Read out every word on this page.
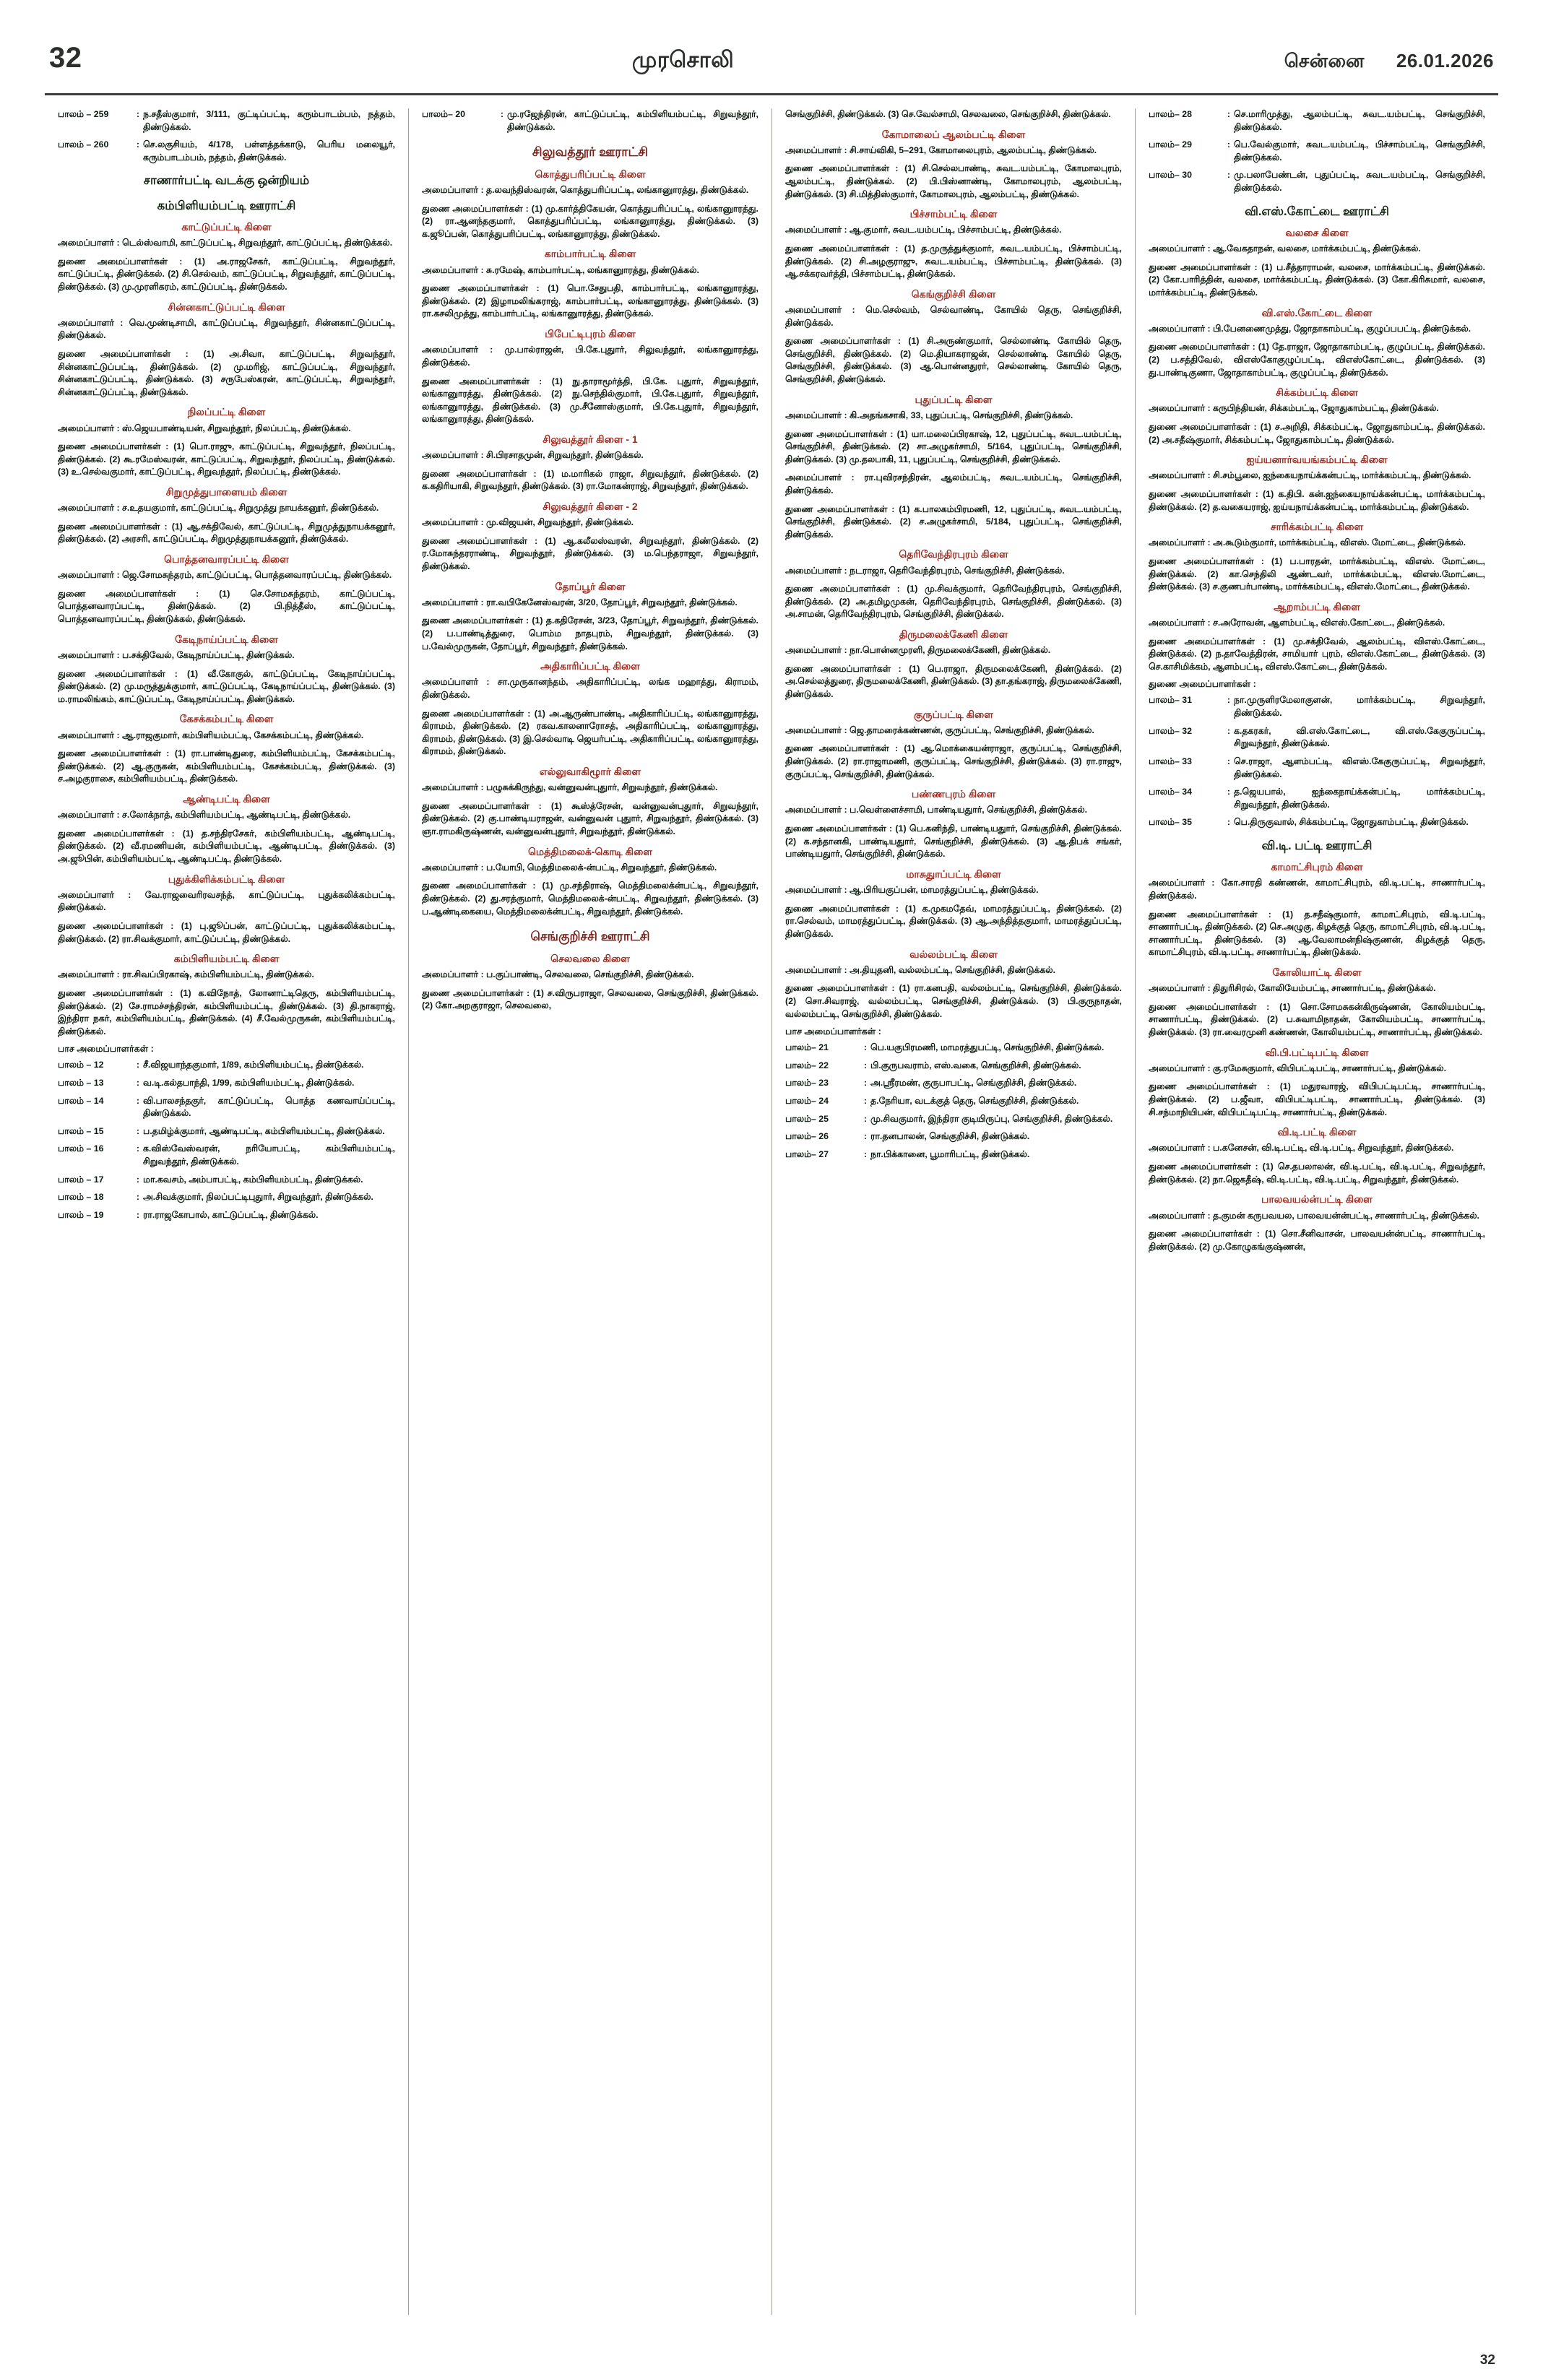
32	முரசொலி	சென்னை 26.01.2026
பாலம் – 259	: ந.சதீஸ்குமார், 3/111, குட்டிப்பட்டி, கரும்பாடம்பம், நத்தம், திண்டுக்கல்.
பாலம் – 260	: செ.லகுசியம், 4/178, பள்ளத்தக்காடு, பெரிய மலையூர், கரும்பாடம்பம், நத்தம், திண்டுக்கல்.
சாணார்பட்டி வடக்கு ஒன்றியம்
கம்பிளியம்பட்டி ஊராட்சி
காட்டுப்பட்டி கிளை

அமைப்பாளர் : டெல்ஸ்வாமி, காட்டுப்பட்டி, சிறுவந்தூர், காட்டுப்பட்டி, திண்டுக்கல்.

துணை அமைப்பாளர்கள் : (1) அ.ராஜசேகர், காட்டுப்பட்டி, சிறுவந்தூர், காட்டுப்பட்டி, திண்டுக்கல். (2) சி.செல்வம், காட்டுப்பட்டி, சிறுவந்தூர், காட்டுப்பட்டி, திண்டுக்கல். (3) மு.முரளிகரம், காட்டுப்பட்டி, திண்டுக்கல்.

சின்னகாட்டுப்பட்டி கிளை

அமைப்பாளர் : வெ.முண்டிசாமி, காட்டுப்பட்டி, சிறுவந்தூர், சின்னகாட்டுப்பட்டி, திண்டுக்கல்.

துணை அமைப்பாளர்கள் : (1) அ.சிவா, காட்டுப்பட்டி, சிறுவந்தூர், சின்னகாட்டுப்பட்டி, திண்டுக்கல். (2) மு.மரிஜ், காட்டுப்பட்டி, சிறுவந்தூர், சின்னகாட்டுப்பட்டி, திண்டுக்கல். (3) சருபேஸ்கரன், காட்டுப்பட்டி, சிறுவந்தூர், சின்னகாட்டுப்பட்டி, திண்டுக்கல்.

நிலப்பட்டி கிளை

அமைப்பாளர் : ஸ்.ஜெயபாண்டியன், சிறுவந்தூர், நிலப்பட்டி, திண்டுக்கல்.

துணை அமைப்பாளர்கள் : (1) பொ.ராஜு, காட்டுப்பட்டி, சிறுவந்தூர், நிலப்பட்டி, திண்டுக்கல். (2) கூ.ரமேஸ்வரன், காட்டுப்பட்டி, சிறுவந்தூர், நிலப்பட்டி, திண்டுக்கல். (3) உ.செல்வகுமார், காட்டுப்பட்டி, சிறுவந்தூர், நிலப்பட்டி, திண்டுக்கல்.

சிறுமுத்துபாளையம் கிளை

அமைப்பாளர் : ச.உதயகுமார், காட்டுப்பட்டி, சிறுமுத்து நாயக்கனூர், திண்டுக்கல்.

துணை அமைப்பாளர்கள் : (1) ஆ.சக்திவேல், காட்டுப்பட்டி, சிறுமுத்துநாயக்கனூர், திண்டுக்கல். (2) அரசரி, காட்டுப்பட்டி, சிறுமுத்துநாயக்கனூர், திண்டுக்கல்.

பொத்தனவாரப்பட்டி கிளை

அமைப்பாளர் : ஜெ.சோமசுந்தரம், காட்டுப்பட்டி, பொத்தனவாரப்பட்டி, திண்டுக்கல்.

துணை அமைப்பாளர்கள் : (1) செ.சோமசுந்தரம், காட்டுப்பட்டி, பொத்தனவாரப்பட்டி, திண்டுக்கல். (2) பி.நித்தீஸ், காட்டுப்பட்டி, பொத்தனவாரப்பட்டி, திண்டுக்கல், திண்டுக்கல்.

கேடிநாய்ப்பட்டி கிளை

அமைப்பாளர் : ப.சக்திவேல், கேடிநாய்ப்பட்டி, திண்டுக்கல்.

துணை அமைப்பாளர்கள் : (1) வீ.கோகுல், காட்டுப்பட்டி, கேடிநாய்ப்பட்டி, திண்டுக்கல். (2) மு.மருத்துக்குமார், காட்டுப்பட்டி, கேடிநாய்ப்பட்டி, திண்டுக்கல். (3) ம.ராமலிங்கம், காட்டுப்பட்டி, கேடிநாய்ப்பட்டி, திண்டுக்கல்.

கேசக்கம்பட்டி கிளை

அமைப்பாளர் : ஆ.ராஜகுமார், கம்பிளியம்பட்டி, கேசக்கம்பட்டி, திண்டுக்கல்.

துணை அமைப்பாளர்கள் : (1) ரா.பாண்டிதுரை, கம்பிளியம்பட்டி, கேசக்கம்பட்டி, திண்டுக்கல். (2) ஆ.குருகன், கம்பிளியம்பட்டி, கேசக்கம்பட்டி, திண்டுக்கல். (3) ச.அழகுராசை, கம்பிளியம்பட்டி, திண்டுக்கல்.

ஆண்டிபட்டி கிளை

அமைப்பாளர் : ச.லோக்நாத், கம்பிளியம்பட்டி, ஆண்டிபட்டி, திண்டுக்கல்.

துணை அமைப்பாளர்கள் : (1) த.சந்திரசேகர், கம்பிளியம்பட்டி, ஆண்டிபட்டி, திண்டுக்கல். (2) வீ.ரமணியன், கம்பிளியம்பட்டி, ஆண்டிபட்டி, திண்டுக்கல். (3) அ.ஜூபின், கம்பிளியம்பட்டி, ஆண்டிபட்டி, திண்டுக்கல்.

புதுக்கிளிக்கம்பட்டி கிளை

அமைப்பாளர் : வே.ராஜவைரிரவசந்த், காட்டுப்பட்டி, புதுக்கலிக்கம்பட்டி, திண்டுக்கல்.

துணை அமைப்பாளர்கள் : (1) பு.ஜூப்பன், காட்டுப்பட்டி, புதுக்கலிக்கம்பட்டி, திண்டுக்கல். (2) ரா.சிவக்குமார், காட்டுப்பட்டி, திண்டுக்கல்.

கம்பிளியம்பட்டி கிளை

அமைப்பாளர் : ரா.சிவப்பிரகாஷ், கம்பிளியம்பட்டி, திண்டுக்கல்.

துணை அமைப்பாளர்கள் : (1) க.விநோத், லோனாட்டிதெரு, கம்பிளியம்பட்டி, திண்டுக்கல். (2) சே.ராமச்சந்திரன், கம்பிளியம்பட்டி, திண்டுக்கல். (3) தி.நாகராஜ், இந்திரா நகர், கம்பிளியம்பட்டி, திண்டுக்கல். (4) சீ.வேல்முருகன், கம்பிளியம்பட்டி, திண்டுக்கல்.

பாச அமைப்பாளர்கள் :
பாலம் – 12	: சீ.விஜயாந்தகுமார், 1/89, கம்பிளியம்பட்டி, திண்டுக்கல்.
பாலம் – 13	: வ.டி.கல்தபாந்தி, 1/99, கம்பிளியம்பட்டி, திண்டுக்கல்.
பாலம் – 14	: வி.பாலசந்தகுர், காட்டுப்பட்டி, பொத்த கணவாய்ப்பட்டி, திண்டுக்கல்.
பாலம் – 15	: ப.தமிழ்க்குமார், ஆண்டிபட்டி, கம்பிளியம்பட்டி, திண்டுக்கல்.
பாலம் – 16	: க.விஸ்வேஸ்வரன், நரியோபட்டி, கம்பிளியம்பட்டி, சிறுவந்தூர், திண்டுக்கல்.
பாலம் – 17	: மா.கவசம், அம்பாபட்டி, கம்பிளியம்பட்டி, திண்டுக்கல்.
பாலம் – 18	: அ.சிவக்குமார், நிலப்பட்டிபுதுார், சிறுவந்தூர், திண்டுக்கல்.
பாலம் – 19	: ரா.ராஜகோபால், காட்டுப்பட்டி, திண்டுக்கல்.
பாலம்– 20	: மு.ரஜேந்திரன், காட்டுப்பட்டி, கம்பிளியம்பட்டி, சிறுவந்தூர், திண்டுக்கல்.
சிலுவத்தூர் ஊராட்சி
கொத்துபரிப்பட்டி கிளை

அமைப்பாளர் : த.லவந்திஸ்வரன், கொத்துபரிப்பட்டி, லங்கானுாரத்து, திண்டுக்கல்.

துணை அமைப்பாளர்கள் : (1) மு.கார்த்திகேயன், கொத்துபரிப்பட்டி, லங்கானுாரத்து. (2) ரா.ஆனந்தகுமார், கொத்துபரிப்பட்டி, லங்கானுாரத்து, திண்டுக்கல். (3) க.ஜூப்பன், கொத்துபரிப்பட்டி, லங்கானுாரத்து, திண்டுக்கல்.

காம்பார்பட்டி கிளை

அமைப்பாளர் : சு.ரமேஷ், காம்பார்பட்டி, லங்கானுாரத்து, திண்டுக்கல்.

துணை அமைப்பாளர்கள் : (1) பொ.சேதுபதி, காம்பார்பட்டி, லங்கானுாரத்து, திண்டுக்கல். (2) இழாமலிங்கராஜ், காம்பார்பட்டி, லங்கானுாரத்து, திண்டுக்கல். (3) ரா.கசலிமுத்து, காம்பார்பட்டி, லங்கானுாரத்து, திண்டுக்கல்.

பிபேட்டிபுரம் கிளை

அமைப்பாளர் : மு.பால்ராஜன், பி.கே.புதுார், சிலுவந்தூர், லங்கானுாரத்து, திண்டுக்கல்.

துணை அமைப்பாளர்கள் : (1) நு.தாராமூர்த்தி, பி.கே. புதுார், சிறுவந்தூர், லங்கானுாரத்து, திண்டுக்கல். (2) நு.செந்தில்குமார், பி.கே.புதுார், சிறுவந்தூர், லங்கானுாரத்து, திண்டுக்கல். (3) மு.சீனோஸ்குமார், பி.கே.புதுார், சிறுவந்தூர், லங்கானுாரத்து, திண்டுக்கல்.

சிலுவத்தூர் கிளை - 1

அமைப்பாளர் : சி.பிரசாதமுன், சிறுவந்தூர், திண்டுக்கல்.

துணை அமைப்பாளர்கள் : (1) ம.மாரிகல் ராஜா, சிறுவந்தூர், திண்டுக்கல். (2) க.கதிரியாகி, சிறுவந்தூர், திண்டுக்கல். (3) ரா.மோகன்ராஜ், சிறுவந்தூர், திண்டுக்கல்.

சிலுவத்தூர் கிளை - 2

அமைப்பாளர் : மு.விஜயன், சிறுவந்தூர், திண்டுக்கல்.

துணை அமைப்பாளர்கள் : (1) ஆ.கலீலஸ்வரன், சிறுவந்தூர், திண்டுக்கல். (2) ர.மோசுந்தரராண்டி, சிறுவந்தூர், திண்டுக்கல். (3) ம.பெந்தராஜா, சிறுவந்தூர், திண்டுக்கல்.

தோப்பூர் கிளை

அமைப்பாளர் : ரா.வபிகேனேஸ்வரன், 3/20, தோப்பூர், சிறுவந்தூர், திண்டுக்கல்.

துணை அமைப்பாளர்கள் : (1) த.கதிரேசன், 3/23, தோப்பூர், சிறுவந்தூர், திண்டுக்கல். (2) ப.பாண்டித்துரை, பொம்ம நாதபுரம், சிறுவந்தூர், திண்டுக்கல். (3) ப.வேல்முருகன், தோப்பூர், சிறுவந்தூர், திண்டுக்கல்.

அதிகாரிப்பட்டி கிளை

அமைப்பாளர் : சா.முருகானந்தம், அதிகாரிப்பட்டி, லங்க மஹாத்து, கிராமம், திண்டுக்கல்.

துணை அமைப்பாளர்கள் : (1) அ.ஆருண்பாண்டி, அதிகாரிப்பட்டி, லங்கானுாரத்து, கிராமம், திண்டுக்கல். (2) ரகவ.காலனாரோசத், அதிகாரிப்பட்டி, லங்கானுாரத்து, கிராமம், திண்டுக்கல். (3) இ.செல்வாடி ஜெயர்பட்டி, அதிகாரிப்பட்டி, லங்கானுாரத்து, கிராமம், திண்டுக்கல்.

எல்லுவாகிழூார் கிளை

அமைப்பாளர் : பழுசுக்கிருந்து, வன்னுவன்புதுார், சிறுவந்தூர், திண்டுக்கல்.

துணை அமைப்பாளர்கள் : (1) கூஸ்த்ரேசன், வன்னுவன்புதுார், சிறுவந்தூர், திண்டுக்கல். (2) கு.பாண்டியராஜன், வன்னுவன் புதுார், சிறுவந்தூர், திண்டுக்கல். (3) ஞா.ராமகிருஷ்ணன், வன்னுவன்புதுார், சிறுவந்தூர், திண்டுக்கல்.

மெத்திமலைக்-கொடி கிளை

அமைப்பாளர் : ப.யோபி, மெத்திமலைக்-ன்பட்டி, சிறுவந்தூர், திண்டுக்கல்.

துணை அமைப்பாளர்கள் : (1) மு.சந்திராஷ், மெத்திமலைக்ன்பட்டி, சிறுவந்தூர், திண்டுக்கல். (2) து.சரத்குமார், மெத்திமலைக்-ன்பட்டி, சிறுவந்தூர், திண்டுக்கல். (3) ப.ஆண்டிகையை, மெத்திமலைக்ன்பட்டி, சிறுவந்தூர், திண்டுக்கல்.

செங்குறிச்சி ஊராட்சி
செலவலை கிளை

அமைப்பாளர் : ப.குப்பாண்டி, செலவலை, செங்குறிச்சி, திண்டுக்கல்.

துணை அமைப்பாளர்கள் : (1) ச.விருபராஜா, செலவலை, செங்குறிச்சி, திண்டுக்கல். (2) கோ.அறகுராஜா, செலவலை,

செங்குறிச்சி, திண்டுக்கல். (3) செ.வேல்சாமி, செலவலை, செங்குறிச்சி, திண்டுக்கல்.

கோமாலைப் ஆலம்பட்டி கிளை

அமைப்பாளர் : சி.சாய்விகி, 5–291, கோமாலைபுரம், ஆலம்பட்டி, திண்டுக்கல்.

துணை அமைப்பாளர்கள் : (1) சி.செல்லபாண்டி, சுவட.யம்பட்டி, கோமாலபுரம், ஆலம்பட்டி, திண்டுக்கல். (2) பி.பிஸ்னாண்டி, கோமாலபுரம், ஆலம்பட்டி, திண்டுக்கல். (3) சி.மித்திஸ்குமார், கோமாலபுரம், ஆலம்பட்டி, திண்டுக்கல்.

பிச்சாம்பட்டி கிளை

அமைப்பாளர் : ஆ.குமார், சுவட.யம்பட்டி, பிச்சாம்பட்டி, திண்டுக்கல்.

துணை அமைப்பாளர்கள் : (1) த.முருத்துக்குமார், சுவட.யம்பட்டி, பிச்சாம்பட்டி, திண்டுக்கல். (2) சி.அழகுராஜு, சுவட.யம்பட்டி, பிச்சாம்பட்டி, திண்டுக்கல். (3) ஆ.சக்கரவர்த்தி, பிச்சாம்பட்டி, திண்டுக்கல்.

கெங்குறிச்சி கிளை

அமைப்பாளர் : மெ.செல்வம், செல்வாண்டி, கோயில் தெரு, செங்குறிச்சி, திண்டுக்கல்.

துணை அமைப்பாளர்கள் : (1) சி.அருண்குமார், செல்லாண்டி கோயில் தெரு, செங்குறிச்சி, திண்டுக்கல். (2) மெ.தியாகராஜன், செல்லாண்டி கோயில் தெரு, செங்குறிச்சி, திண்டுக்கல். (3) ஆ.பொன்னதுரர், செல்லாண்டி கோயில் தெரு, செங்குறிச்சி, திண்டுக்கல்.

புதுப்பட்டி கிளை

அமைப்பாளர் : கி.அதங்கசாகி, 33, புதுப்பட்டி, செங்குறிச்சி, திண்டுக்கல்.

துணை அமைப்பாளர்கள் : (1) யா.மலைப்பிரகாஷ், 12, புதுப்பட்டி, சுவட.யம்பட்டி, செங்குறிச்சி, திண்டுக்கல். (2) சா.அழுகர்சாமி, 5/164, புதுப்பட்டி, செங்குறிச்சி, திண்டுக்கல். (3) மு.தலபாகி, 11, புதுப்பட்டி, செங்குறிச்சி, திண்டுக்கல்.

அமைப்பாளர் : ரா.புவிரசந்திரன், ஆலம்பட்டி, சுவட.யம்பட்டி, செங்குறிச்சி, திண்டுக்கல்.

துணை அமைப்பாளர்கள் : (1) க.பாலகம்பிரமணி, 12, புதுப்பட்டி, சுவட.யம்பட்டி, செங்குறிச்சி, திண்டுக்கல். (2) ச.அழுகர்சாமி, 5/184, புதுப்பட்டி, செங்குறிச்சி, திண்டுக்கல்.

தெரிவேந்திரபுரம் கிளை

அமைப்பாளர் : நடராஜா, தெரிவேந்திரபுரம், செங்குறிச்சி, திண்டுக்கல்.

துணை அமைப்பாளர்கள் : (1) மு.சிவக்குமார், தெரிவேந்திரபுரம், செங்குறிச்சி, திண்டுக்கல். (2) அ.தமிழமுகன், தெரிவேந்திரபுரம், செங்குறிச்சி, திண்டுக்கல். (3) அ.சாமன், தெரிவேந்திரபுரம், செங்குறிச்சி, திண்டுக்கல்.

திருமலைக்கேணி கிளை

அமைப்பாளர் : நா.பொன்னமுரளி, திருமலைக்கேணி, திண்டுக்கல்.

துணை அமைப்பாளர்கள் : (1) பெ.ராஜா, திருமலைக்கேணி, திண்டுக்கல். (2) அ.செல்லத்துரை, திருமலைக்கேணி, திண்டுக்கல். (3) தா.தங்கராஜ், திருமலைக்கேணி, திண்டுக்கல்.

குருப்பட்டி கிளை

அமைப்பாளர் : ஜெ.தாமரைக்கண்ணன், குருப்பட்டி, செங்குறிச்சி, திண்டுக்கல்.

துணை அமைப்பாளர்கள் : (1) ஆ.மொக்கையன்ராஜா, குருப்பட்டி, செங்குறிச்சி, திண்டுக்கல். (2) ரா.ராஜாமணி, குருப்பட்டி, செங்குறிச்சி, திண்டுக்கல். (3) ரா.ராஜு, குருப்பட்டி, செங்குறிச்சி, திண்டுக்கல்.

பண்ணபுரம் கிளை

அமைப்பாளர் : ப.வெள்ளைச்சாமி, பாண்டியதுார், செங்குறிச்சி, திண்டுக்கல்.

துணை அமைப்பாளர்கள் : (1) பெ.கனிந்தி, பாண்டியதுார், செங்குறிச்சி, திண்டுக்கல். (2) க.சந்தானகி, பாண்டியதுார், செங்குறிச்சி, திண்டுக்கல். (3) ஆ.திபக் சங்கர், பாண்டியதுார், செங்குறிச்சி, திண்டுக்கல்.

மாசுதுாப்பட்டி கிளை

அமைப்பாளர் : ஆ.பிரியகுப்பன், மாமரத்துப்பட்டி, திண்டுக்கல்.

துணை அமைப்பாளர்கள் : (1) க.முகமதேவ், மாமரத்துப்பட்டி, திண்டுக்கல். (2) ரா.செல்வம், மாமரத்துப்பட்டி, திண்டுக்கல். (3) ஆ.அந்தித்தகுமார், மாமரத்துப்பட்டி, திண்டுக்கல்.

வல்லம்பட்டி கிளை

அமைப்பாளர் : அ.தியுதனி, வல்லம்பட்டி, செங்குறிச்சி, திண்டுக்கல்.

துணை அமைப்பாளர்கள் : (1) ரா.கனபதி, வல்லம்பட்டி, செங்குறிச்சி, திண்டுக்கல். (2) சொ.சிவராஜ், வல்லம்பட்டி, செங்குறிச்சி, திண்டுக்கல். (3) பி.குருநாதன், வல்லம்பட்டி, செங்குறிச்சி, திண்டுக்கல்.

பாச அமைப்பாளர்கள் :
பாலம்– 21	: பெ.யகுபிரமணி, மாமரத்துபட்டி, செங்குறிச்சி, திண்டுக்கல்.
பாலம்– 22	: பி.குருபவராம், எஸ்.வகை, செங்குறிச்சி, திண்டுக்கல்.
பாலம்– 23	: அ.ஸ்ரீரமண், குருபாபட்டி, செங்குறிச்சி, திண்டுக்கல்.
பாலம்– 24	: த.நேரியா, வடக்குத் தெரு, செங்குறிச்சி, திண்டுக்கல்.
பாலம்– 25	: மு.சிவகுமார், இந்திரா குடியிருப்பு, செங்குறிச்சி, திண்டுக்கல்.
பாலம்– 26	: ரா.தனபாலன், செங்குறிச்சி, திண்டுக்கல்.
பாலம்– 27	: நா.பிக்கானை, பூமாரிபட்டி, திண்டுக்கல்.
பாலம்– 28	: செ.மாரிமுத்து, ஆலம்பட்டி, சுவட.யம்பட்டி, செங்குறிச்சி, திண்டுக்கல்.
பாலம்– 29	: பெ.வேல்குமார், சுவட.யம்பட்டி, பிச்சாம்பட்டி, செங்குறிச்சி, திண்டுக்கல்.
பாலம்– 30	: மு.பலாபேண்டன், புதுப்பட்டி, சுவட.யம்பட்டி, செங்குறிச்சி, திண்டுக்கல்.
வி.எஸ்.கோட்டை ஊராட்சி
வலசை கிளை

அமைப்பாளர் : ஆ.வேகதாநன், வலசை, மார்க்கம்பட்டி, திண்டுக்கல்.

துணை அமைப்பாளர்கள் : (1) ப.சீத்தாராமன், வலசை, மார்க்கம்பட்டி, திண்டுக்கல். (2) கோ.பாரித்தின், வலசை, மார்க்கம்பட்டி, திண்டுக்கல். (3) கோ.கிரிசுமார், வலசை, மார்க்கம்பட்டி, திண்டுக்கல்.

வி.எஸ்.கோட்டை கிளை

அமைப்பாளர் : பி.பேனணைமுத்து, ஜோதாகாம்பட்டி, குழுப்பபட்டி, திண்டுக்கல்.

துணை அமைப்பாளர்கள் : (1) தே.ராஜா, ஜோதாகாம்பட்டி, குழுப்பட்டி, திண்டுக்கல். (2) ப.சத்திவேல், விஎஸ்கோகுழுப்பட்டி, விஎஸ்கோட்டை, திண்டுக்கல். (3) து.பாண்டிகுணா, ஜோதாகாம்பட்டி, குழுப்பட்டி, திண்டுக்கல்.

சிக்கம்பட்டி கிளை

அமைப்பாளர் : கருபிந்தியன், சிக்கம்பட்டி, ஜோதுகாம்பட்டி, திண்டுக்கல்.

துணை அமைப்பாளர்கள் : (1) ச.அறிதி, சிக்கம்பட்டி, ஜோதுகாம்பட்டி, திண்டுக்கல். (2) அ.சதீஷ்குமார், சிக்கம்பட்டி, ஜோதுகாம்பட்டி, திண்டுக்கல்.

ஐய்யனார்வயங்கம்பட்டி கிளை

அமைப்பாளர் : சி.சம்பூலை, ஐந்கையநாய்க்கன்பட்டி, மார்க்கம்பட்டி, திண்டுக்கல்.

துணை அமைப்பாளர்கள் : (1) க.திபி. கன்.ஐந்கையநாய்க்கன்பட்டி, மார்க்கம்பட்டி, திண்டுக்கல். (2) த.வகையராஜ், ஐய்யநாய்க்கன்பட்டி, மார்க்கம்பட்டி, திண்டுக்கல்.

சாரிக்கம்பட்டி கிளை

அமைப்பாளர் : அ.கூடும்குமார், மார்க்கம்பட்டி, விஎஸ். மோட்டை, திண்டுக்கல்.

துணை அமைப்பாளர்கள் : (1) ப.பாரதன், மார்க்கம்பட்டி, விஎஸ். மோட்டை, திண்டுக்கல். (2) கா.செந்திலி ஆண்டவர், மார்க்கம்பட்டி, விஎஸ்.மோட்டை, திண்டுக்கல். (3) ச.குணபர்பாண்டி, மார்க்கம்பட்டி, விஎஸ்.மோட்டை, திண்டுக்கல்.

ஆறாம்பட்டி கிளை

அமைப்பாளர் : ச.அரோவன், ஆளம்பட்டி, விஎஸ்.கோட்டை., திண்டுக்கல்.

துணை அமைப்பாளர்கள் : (1) மு.சக்திவேல், ஆலம்பட்டி, விஎஸ்.கோட்டை, திண்டுக்கல். (2) ந.தாவேத்திரன், சாமியார் புரம், விஎஸ்.கோட்டை, திண்டுக்கல். (3) செ.காசிமிக்கம், ஆளம்பட்டி, விஎஸ்.கோட்டை, திண்டுக்கல்.

துணை அமைப்பாளர்கள் :
பாலம்– 31	: நா.முருளிரமேலாகுளன், மார்க்கம்பட்டி, சிறுவந்தூர், திண்டுக்கல்.
பாலம்– 32	: க.தகரகர், வி.எஸ்.கோட்டை, வி.எஸ்.கேகுருப்பட்டி, சிறுவந்தூர், திண்டுக்கல்.
பாலம்– 33	: செ.ராஜா, ஆளம்பட்டி, விஎஸ்.கேகுருப்பட்டி, சிறுவந்தூர், திண்டுக்கல்.
பாலம்– 34	: த.ஜெயபால், ஐந்கைநாய்க்கன்பட்டி, மார்க்கம்பட்டி, சிறுவந்தூர், திண்டுக்கல்.
பாலம்– 35	: பெ.திருகுவால், சிக்கம்பட்டி, ஜோதுகாம்பட்டி, திண்டுக்கல்.
வி.டி. பட்டி ஊராட்சி
காமாட்சிபுரம் கிளை

அமைப்பாளர் : கோ.சாரதி கண்ணன், காமாட்சிபுரம், வி.டி.பட்டி, சாணார்பட்டி, திண்டுக்கல்.

துணை அமைப்பாளர்கள் : (1) த.சதீஷ்குமார், காமாட்சிபுரம், வி.டி.பட்டி, சாணார்பட்டி, திண்டுக்கல். (2) செ.அழுகு, கிழக்குத் தெரு, காமாட்சிபுரம், வி.டி.பட்டி, சாணார்பட்டி, திண்டுக்கல். (3) ஆ.வேலாமன்நிஷ்குணன், கிழக்குத் தெரு, காமாட்சிபுரம், வி.டி.பட்டி, சாணார்பட்டி, திண்டுக்கல்.

கோலியாட்டி கிளை

அமைப்பாளர் : திதுரிசிரல், கோலியேம்பட்டி, சாணார்பட்டி, திண்டுக்கல்.

துணை அமைப்பாளர்கள் : (1) சொ.சோமசுகன்கிருஷ்ணன், கோலியம்பட்டி, சாணார்பட்டி, திண்டுக்கல். (2) ப.சுவாமிநாதன், கோலியம்பட்டி, சாணார்பட்டி, திண்டுக்கல். (3) ரா.வைரமுனி கண்ணன், கோலியம்பட்டி, சாணார்பட்டி, திண்டுக்கல்.

வி.பி.பட்டிபட்டி கிளை

அமைப்பாளர் : கு.ரமேசுகுமார், விபிபட்டிபட்டி, சாணார்பட்டி, திண்டுக்கல்.

துணை அமைப்பாளர்கள் : (1) மதுரவாரஜ், விபிபட்டிபட்டி, சாணார்பட்டி, திண்டுக்கல். (2) ப.ஜீவா, விபிபட்டிபட்டி, சாணார்பட்டி, திண்டுக்கல். (3) சி.சந்மாநியிபன், விபிபட்டிபட்டி, சாணார்பட்டி, திண்டுக்கல்.

வி.டி.பட்டி கிளை

அமைப்பாளர் : ப.கனேசன், வி.டி.பட்டி, வி.டி.பட்டி, சிறுவந்தூர், திண்டுக்கல்.

துணை அமைப்பாளர்கள் : (1) செ.தபலாலன், வி.டி.பட்டி, வி.டி.பட்டி, சிறுவந்தூர், திண்டுக்கல். (2) நா.ஜெகதீஷ், வி.டி.பட்டி, வி.டி.பட்டி, சிறுவந்தூர், திண்டுக்கல்.

பாலவயல்ன்பட்டி கிளை

அமைப்பாளர் : த.குமன் கருபவயல, பாலவயன்ன்பட்டி, சாணார்பட்டி, திண்டுக்கல்.

துணை அமைப்பாளர்கள் : (1) சொ.சீனிவாசன், பாலவயன்ன்பட்டி, சாணார்பட்டி, திண்டுக்கல். (2) மு.கோழுகங்குஷ்ணன்,

32
